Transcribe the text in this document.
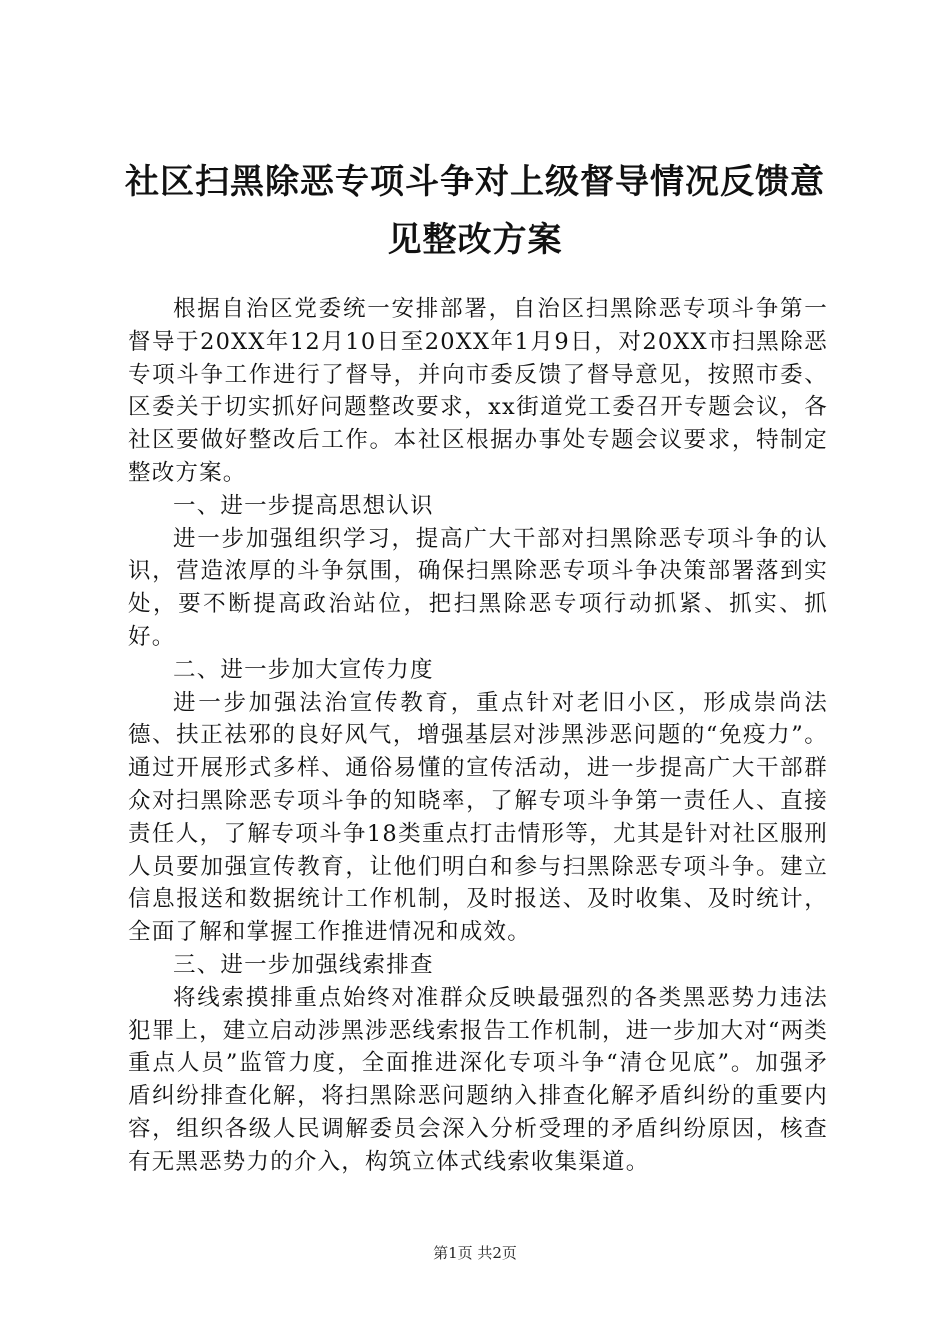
社区扫黑除恶专项斗争对上级督导情况反馈意
见整改方案

根据自治区党委统一安排部署，自治区扫黑除恶专项斗争第一督导于20XX年12月10日至20XX年1月9日，对20XX市扫黑除恶专项斗争工作进行了督导，并向市委反馈了督导意见，按照市委、区委关于切实抓好问题整改要求，xx街道党工委召开专题会议，各社区要做好整改后工作。本社区根据办事处专题会议要求，特制定整改方案。

一、进一步提高思想认识

进一步加强组织学习，提高广大干部对扫黑除恶专项斗争的认识，营造浓厚的斗争氛围，确保扫黑除恶专项斗争决策部署落到实处，要不断提高政治站位，把扫黑除恶专项行动抓紧、抓实、抓好。

二、进一步加大宣传力度

进一步加强法治宣传教育，重点针对老旧小区，形成崇尚法德、扶正祛邪的良好风气，增强基层对涉黑涉恶问题的“免疫力”。通过开展形式多样、通俗易懂的宣传活动，进一步提高广大干部群众对扫黑除恶专项斗争的知晓率，了解专项斗争第一责任人、直接责任人，了解专项斗争18类重点打击情形等，尤其是针对社区服刑人员要加强宣传教育，让他们明白和参与扫黑除恶专项斗争。建立信息报送和数据统计工作机制，及时报送、及时收集、及时统计，全面了解和掌握工作推进情况和成效。

三、进一步加强线索排查

将线索摸排重点始终对准群众反映最强烈的各类黑恶势力违法犯罪上，建立启动涉黑涉恶线索报告工作机制，进一步加大对“两类重点人员”监管力度，全面推进深化专项斗争“清仓见底”。加强矛盾纠纷排查化解，将扫黑除恶问题纳入排查化解矛盾纠纷的重要内容，组织各级人民调解委员会深入分析受理的矛盾纠纷原因，核查有无黑恶势力的介入，构筑立体式线索收集渠道。

第1页 共2页
